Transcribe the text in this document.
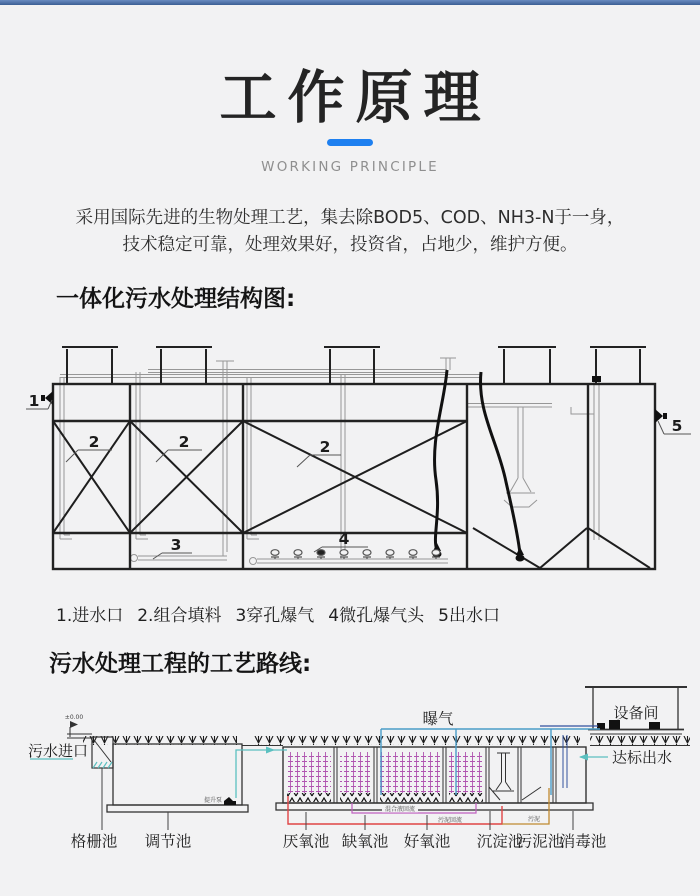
工作原理
WORKING PRINCIPLE
采用国际先进的生物处理工艺，集去除BOD5、COD、NH3-N于一身，
技术稳定可靠，处理效果好，投资省，占地少，维护方便。
一体化污水处理结构图:
1
2	2	2
3	4
5
1.进水口 2.组合填料 3穿孔爆气 4微孔爆气头 5出水口
污水处理工程的工艺路线:
±0.00
提升泵
设备间
曝气
混合液回流
污泥回流	污泥
污水进口	达标出水
格栅池 调节池	厌氧池 缺氧池 好氧池 沉淀池
污泥池
消毒池
